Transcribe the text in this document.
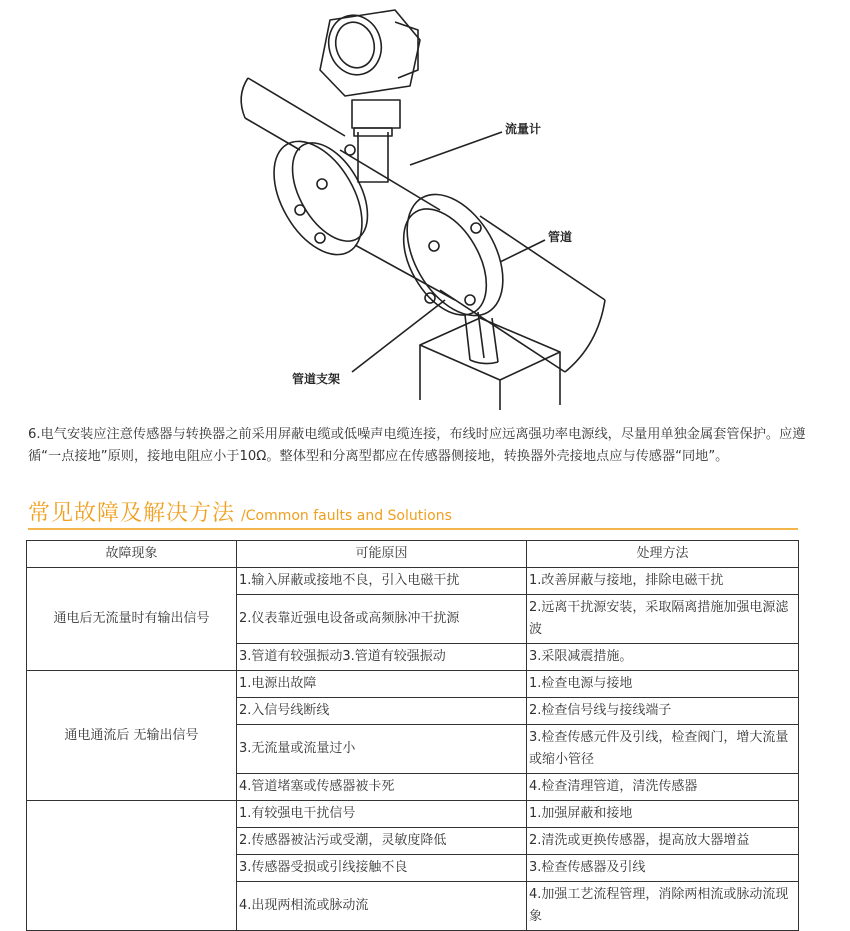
流量计
管道
管道支架

6.电气安装应注意传感器与转换器之前采用屏蔽电缆或低噪声电缆连接，布线时应远离强功率电源线，尽量用单独金属套管保护。应遵循“一点接地”原则，接地电阻应小于10Ω。整体型和分离型都应在传感器侧接地，转换器外壳接地点应与传感器“同地”。

常见故障及解决方法 /Common faults and Solutions
故障现象	可能原因	处理方法
通电后无流量时有输出信号	1.输入屏蔽或接地不良，引入电磁干扰	1.改善屏蔽与接地，排除电磁干扰
	2.仪表靠近强电设备或高频脉冲干扰源	2.远离干扰源安装，采取隔离措施加强电源滤波
	3.管道有较强振动3.管道有较强振动	3.采限减震措施。
通电通流后 无输出信号	1.电源出故障	1.检查电源与接地
	2.入信号线断线	2.检查信号线与接线端子
	3.无流量或流量过小	3.检查传感元件及引线，检查阀门，增大流量或缩小管径
	4.管道堵塞或传感器被卡死	4.检查清理管道，清洗传感器
	1.有较强电干扰信号	1.加强屏蔽和接地
	2.传感器被沾污或受潮，灵敏度降低	2.清洗或更换传感器，提高放大器增益
	3.传感器受损或引线接触不良	3.检查传感器及引线
	4.出现两相流或脉动流	4.加强工艺流程管理，消除两相流或脉动流现象
